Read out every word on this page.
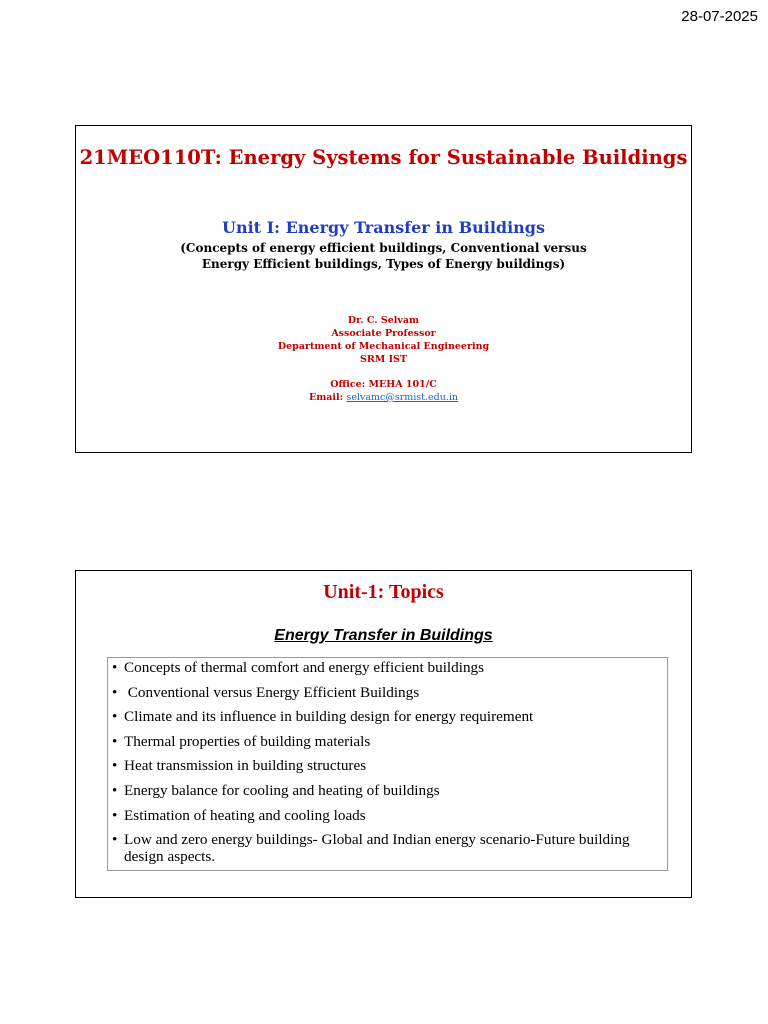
28-07-2025
21MEO110T: Energy Systems for Sustainable Buildings
Unit I: Energy Transfer in Buildings
(Concepts of energy efficient buildings, Conventional versus
Energy Efficient buildings, Types of Energy buildings)
Dr. C. Selvam
Associate Professor
Department of Mechanical Engineering
SRM IST
Office: MEHA 101/C
Email: selvamc@srmist.edu.in
Unit-1: Topics
Energy Transfer in Buildings
• Concepts of thermal comfort and energy efficient buildings
• Conventional versus Energy Efficient Buildings
• Climate and its influence in building design for energy requirement
• Thermal properties of building materials
• Heat transmission in building structures
• Energy balance for cooling and heating of buildings
• Estimation of heating and cooling loads
• Low and zero energy buildings- Global and Indian energy scenario-Future building design aspects.
